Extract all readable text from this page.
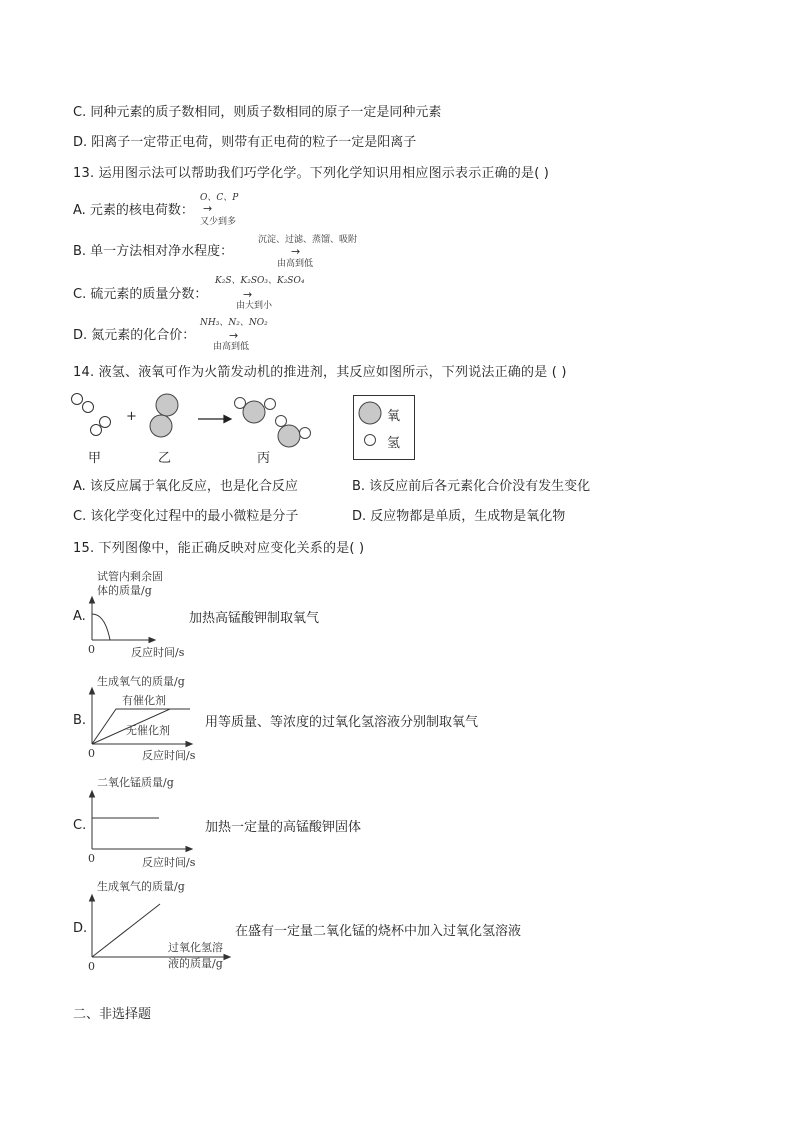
C. 同种元素的质子数相同，则质子数相同的原子一定是同种元素
D. 阳离子一定带正电荷，则带有正电荷的粒子一定是阳离子
13. 运用图示法可以帮助我们巧学化学。下列化学知识用相应图示表示正确的是( )
A. 元素的核电荷数：
O、C、P
→
又少到多
B. 单一方法相对净水程度：
沉淀、过滤、蒸馏、吸附
→
由高到低
C. 硫元素的质量分数：
K₂S、K₂SO₃、K₂SO₄
→
由大到小
D. 氮元素的化合价：
NH₃、N₂、NO₂
→
由高到低
14. 液氢、液氧可作为火箭发动机的推进剂，其反应如图所示，下列说法正确的是 ( )
+
甲	乙	丙
氧
氢
A. 该反应属于氧化反应，也是化合反应	B. 该反应前后各元素化合价没有发生变化
C. 该化学变化过程中的最小微粒是分子	D. 反应物都是单质，生成物是氧化物
15. 下列图像中，能正确反映对应变化关系的是( )
A.
试管内剩余固
体的质量/g
0	反应时间/s
加热高锰酸钾制取氧气
B.
生成氧气的质量/g
有催化剂
无催化剂
0	反应时间/s
用等质量、等浓度的过氧化氢溶液分别制取氧气
C.
二氧化锰质量/g
0	反应时间/s
加热一定量的高锰酸钾固体
D.
生成氧气的质量/g
0
过氧化氢溶
液的质量/g
在盛有一定量二氧化锰的烧杯中加入过氧化氢溶液
二、非选择题
